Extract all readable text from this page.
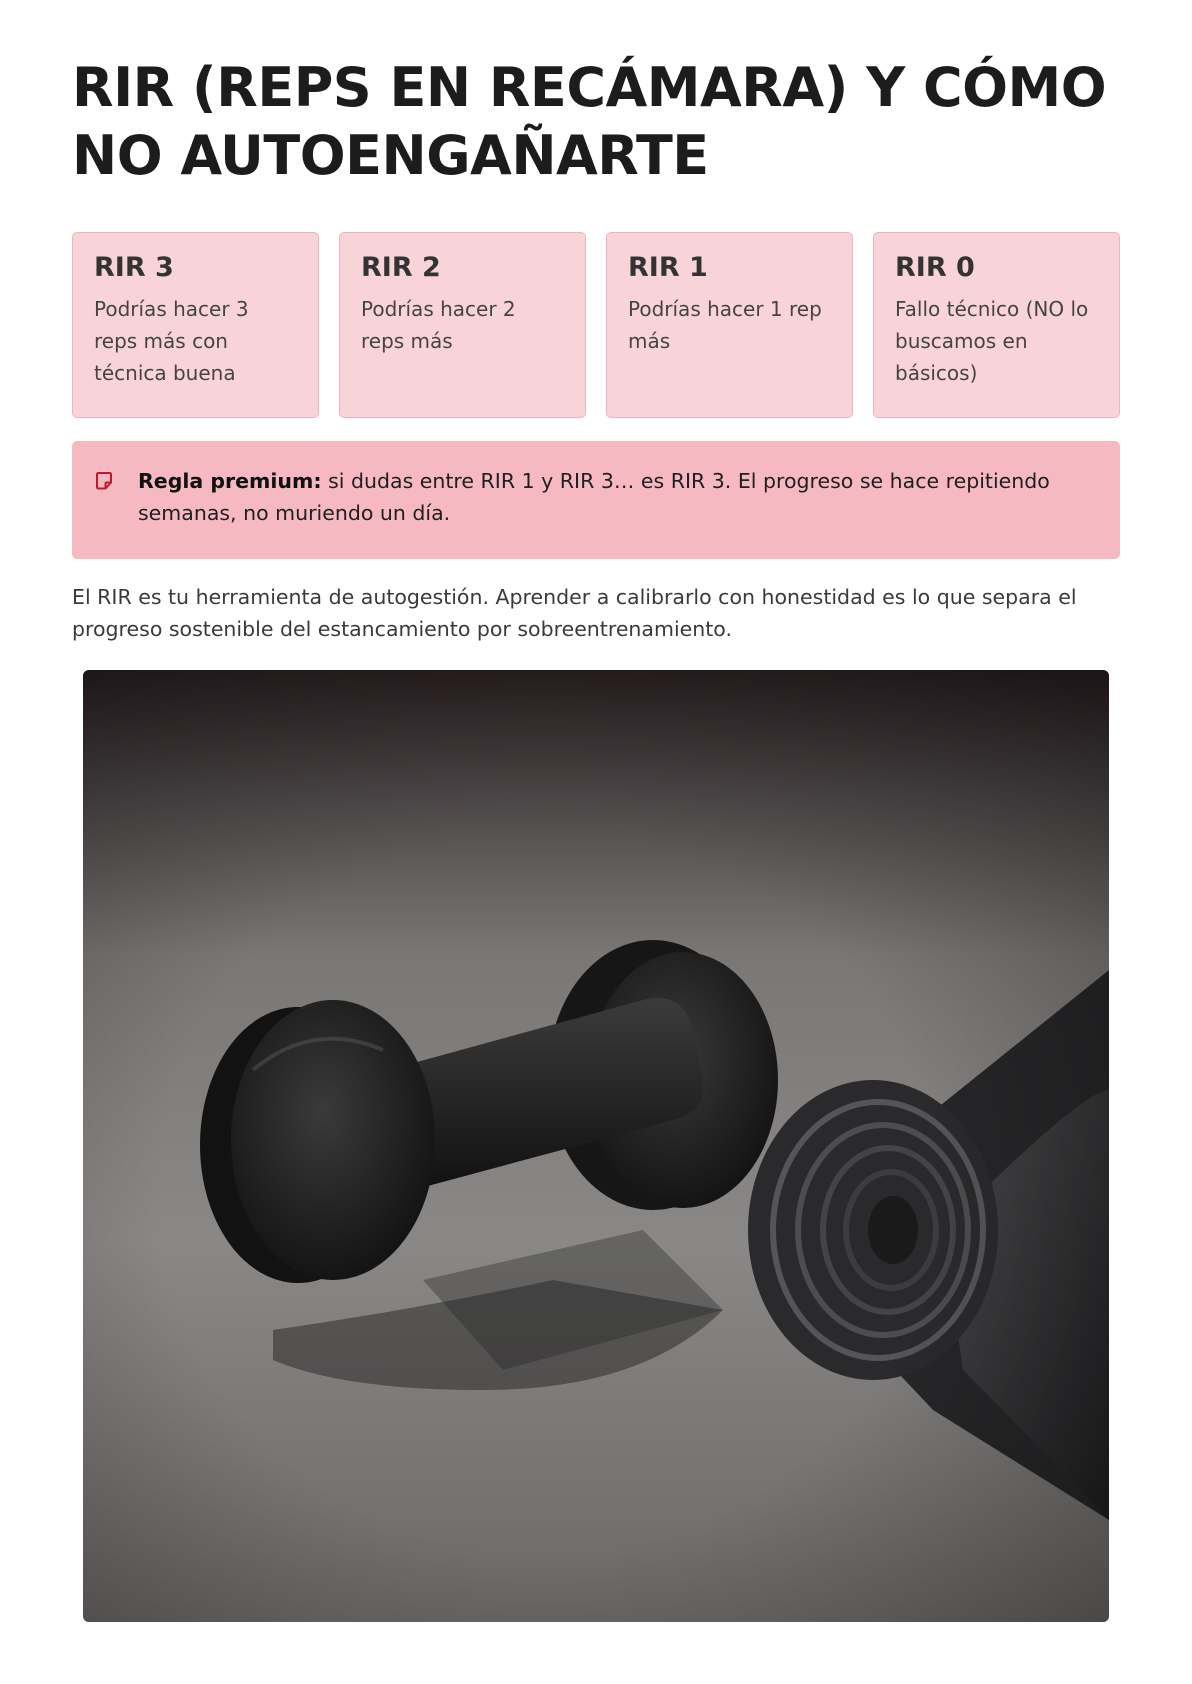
RIR (REPS EN RECÁMARA) Y CÓMO
NO AUTOENGAÑARTE

RIR 3

Podrías hacer 3 reps más con técnica buena

RIR 2

Podrías hacer 2 reps más

RIR 1

Podrías hacer 1 rep más

RIR 0

Fallo técnico (NO lo buscamos en básicos)

Regla premium: si dudas entre RIR 1 y RIR 3… es RIR 3. El progreso se hace repitiendo semanas, no muriendo un día.

El RIR es tu herramienta de autogestión. Aprender a calibrarlo con honestidad es lo que separa el progreso sostenible del estancamiento por sobreentrenamiento.
